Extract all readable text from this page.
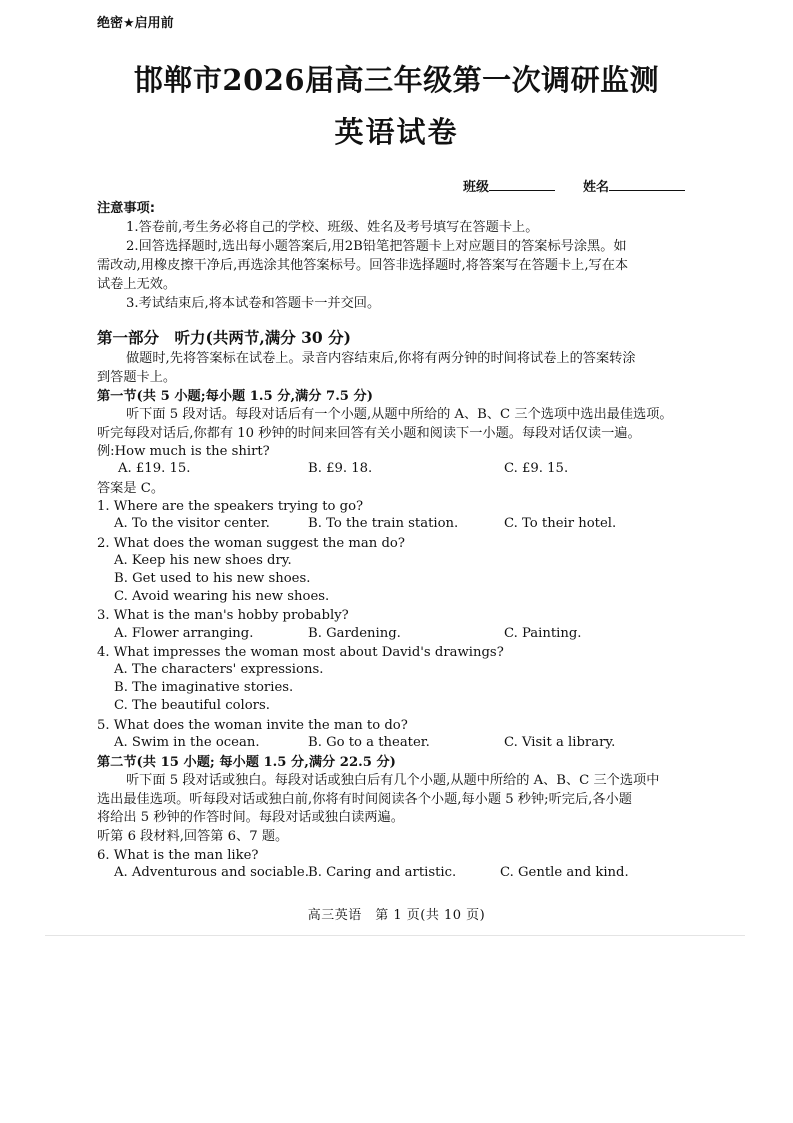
绝密★启用前
邯郸市2026届高三年级第一次调研监测
英语试卷
班级	姓名
注意事项:
1.答卷前,考生务必将自己的学校、班级、姓名及考号填写在答题卡上。
2.回答选择题时,选出每小题答案后,用2B铅笔把答题卡上对应题目的答案标号涂黑。如
需改动,用橡皮擦干净后,再选涂其他答案标号。回答非选择题时,将答案写在答题卡上,写在本
试卷上无效。
3.考试结束后,将本试卷和答题卡一并交回。
第一部分　听力(共两节,满分 30 分)
做题时,先将答案标在试卷上。录音内容结束后,你将有两分钟的时间将试卷上的答案转涂
到答题卡上。
第一节(共 5 小题;每小题 1.5 分,满分 7.5 分)
听下面 5 段对话。每段对话后有一个小题,从题中所给的 A、B、C 三个选项中选出最佳选项。
听完每段对话后,你都有 10 秒钟的时间来回答有关小题和阅读下一小题。每段对话仅读一遍。
例:How much is the shirt?
A. £19. 15.	B. £9. 18.	C. £9. 15.
答案是 C。
1. Where are the speakers trying to go?
A. To the visitor center.	B. To the train station.	C. To their hotel.
2. What does the woman suggest the man do?
A. Keep his new shoes dry.
B. Get used to his new shoes.
C. Avoid wearing his new shoes.
3. What is the man's hobby probably?
A. Flower arranging.	B. Gardening.	C. Painting.
4. What impresses the woman most about David's drawings?
A. The characters' expressions.
B. The imaginative stories.
C. The beautiful colors.
5. What does the woman invite the man to do?
A. Swim in the ocean.	B. Go to a theater.	C. Visit a library.
第二节(共 15 小题; 每小题 1.5 分,满分 22.5 分)
听下面 5 段对话或独白。每段对话或独白后有几个小题,从题中所给的 A、B、C 三个选项中
选出最佳选项。听每段对话或独白前,你将有时间阅读各个小题,每小题 5 秒钟;听完后,各小题
将给出 5 秒钟的作答时间。每段对话或独白读两遍。
听第 6 段材料,回答第 6、7 题。
6. What is the man like?
A. Adventurous and sociable. B. Caring and artistic.	C. Gentle and kind.
高三英语　第 1 页(共 10 页)
